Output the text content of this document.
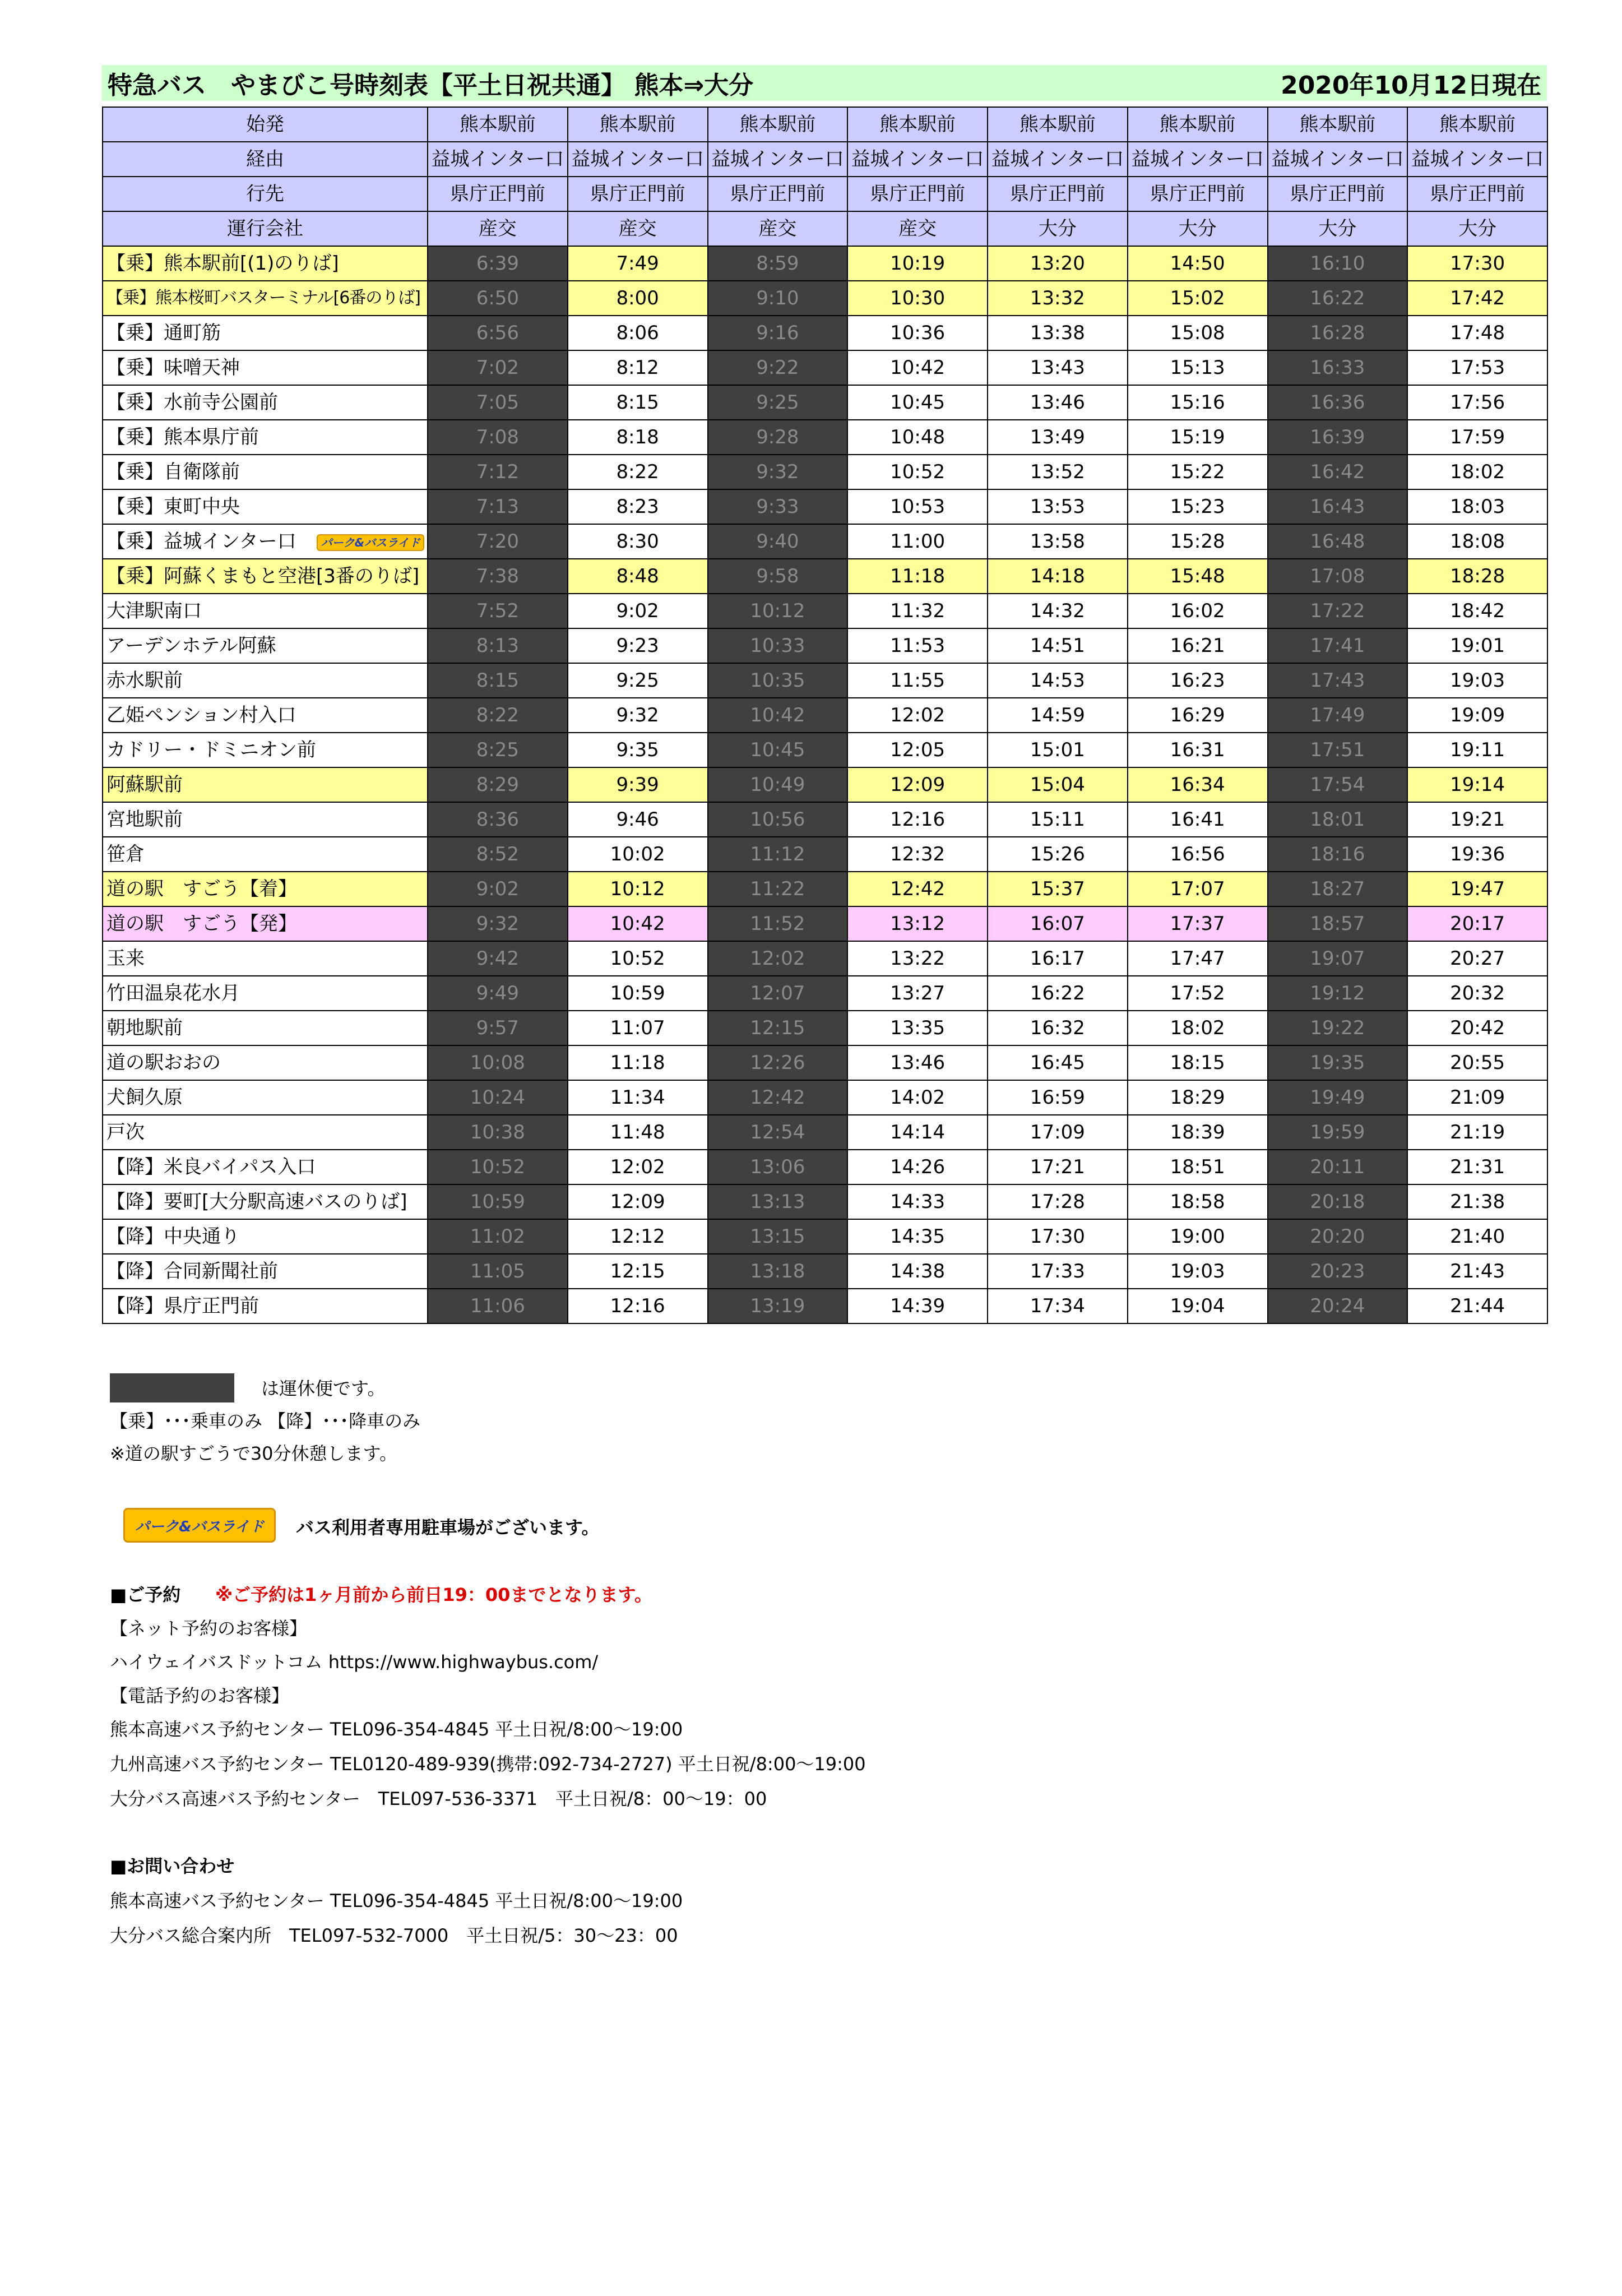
特急バス　やまびこ号時刻表【平土日祝共通】 熊本⇒大分	2020年10月12日現在
始発	熊本駅前	熊本駅前	熊本駅前	熊本駅前	熊本駅前	熊本駅前	熊本駅前	熊本駅前
経由	益城インター口	益城インター口	益城インター口	益城インター口	益城インター口	益城インター口	益城インター口	益城インター口
行先	県庁正門前	県庁正門前	県庁正門前	県庁正門前	県庁正門前	県庁正門前	県庁正門前	県庁正門前
運行会社	産交	産交	産交	産交	大分	大分	大分	大分
【乗】熊本駅前[(1)のりば]	6:39	7:49	8:59	10:19	13:20	14:50	16:10	17:30
【乗】熊本桜町バスターミナル[6番のりば]	6:50	8:00	9:10	10:30	13:32	15:02	16:22	17:42
【乗】通町筋	6:56	8:06	9:16	10:36	13:38	15:08	16:28	17:48
【乗】味噌天神	7:02	8:12	9:22	10:42	13:43	15:13	16:33	17:53
【乗】水前寺公園前	7:05	8:15	9:25	10:45	13:46	15:16	16:36	17:56
【乗】熊本県庁前	7:08	8:18	9:28	10:48	13:49	15:19	16:39	17:59
【乗】自衛隊前	7:12	8:22	9:32	10:52	13:52	15:22	16:42	18:02
【乗】東町中央	7:13	8:23	9:33	10:53	13:53	15:23	16:43	18:03
【乗】益城インター口 パーク&バスライド	7:20	8:30	9:40	11:00	13:58	15:28	16:48	18:08
【乗】阿蘇くまもと空港[3番のりば]	7:38	8:48	9:58	11:18	14:18	15:48	17:08	18:28
大津駅南口	7:52	9:02	10:12	11:32	14:32	16:02	17:22	18:42
アーデンホテル阿蘇	8:13	9:23	10:33	11:53	14:51	16:21	17:41	19:01
赤水駅前	8:15	9:25	10:35	11:55	14:53	16:23	17:43	19:03
乙姫ペンション村入口	8:22	9:32	10:42	12:02	14:59	16:29	17:49	19:09
カドリー・ドミニオン前	8:25	9:35	10:45	12:05	15:01	16:31	17:51	19:11
阿蘇駅前	8:29	9:39	10:49	12:09	15:04	16:34	17:54	19:14
宮地駅前	8:36	9:46	10:56	12:16	15:11	16:41	18:01	19:21
笹倉	8:52	10:02	11:12	12:32	15:26	16:56	18:16	19:36
道の駅　すごう【着】	9:02	10:12	11:22	12:42	15:37	17:07	18:27	19:47
道の駅　すごう【発】	9:32	10:42	11:52	13:12	16:07	17:37	18:57	20:17
玉来	9:42	10:52	12:02	13:22	16:17	17:47	19:07	20:27
竹田温泉花水月	9:49	10:59	12:07	13:27	16:22	17:52	19:12	20:32
朝地駅前	9:57	11:07	12:15	13:35	16:32	18:02	19:22	20:42
道の駅おおの	10:08	11:18	12:26	13:46	16:45	18:15	19:35	20:55
犬飼久原	10:24	11:34	12:42	14:02	16:59	18:29	19:49	21:09
戸次	10:38	11:48	12:54	14:14	17:09	18:39	19:59	21:19
【降】米良バイパス入口	10:52	12:02	13:06	14:26	17:21	18:51	20:11	21:31
【降】要町[大分駅高速バスのりば]	10:59	12:09	13:13	14:33	17:28	18:58	20:18	21:38
【降】中央通り	11:02	12:12	13:15	14:35	17:30	19:00	20:20	21:40
【降】合同新聞社前	11:05	12:15	13:18	14:38	17:33	19:03	20:23	21:43
【降】県庁正門前	11:06	12:16	13:19	14:39	17:34	19:04	20:24	21:44
は運休便です。
【乗】･･･乗車のみ 【降】･･･降車のみ
※道の駅すごうで30分休憩します。
パーク&バスライド	バス利用者専用駐車場がございます。
■ご予約 ※ご予約は1ヶ月前から前日19：00までとなります。
【ネット予約のお客様】
ハイウェイバスドットコム https://www.highwaybus.com/
【電話予約のお客様】
熊本高速バス予約センター TEL096-354-4845 平土日祝/8:00～19:00
九州高速バス予約センター TEL0120-489-939(携帯:092-734-2727) 平土日祝/8:00～19:00
大分バス高速バス予約センター　TEL097-536-3371　平土日祝/8：00～19：00
■お問い合わせ
熊本高速バス予約センター TEL096-354-4845 平土日祝/8:00～19:00
大分バス総合案内所　TEL097-532-7000　平土日祝/5：30～23：00
